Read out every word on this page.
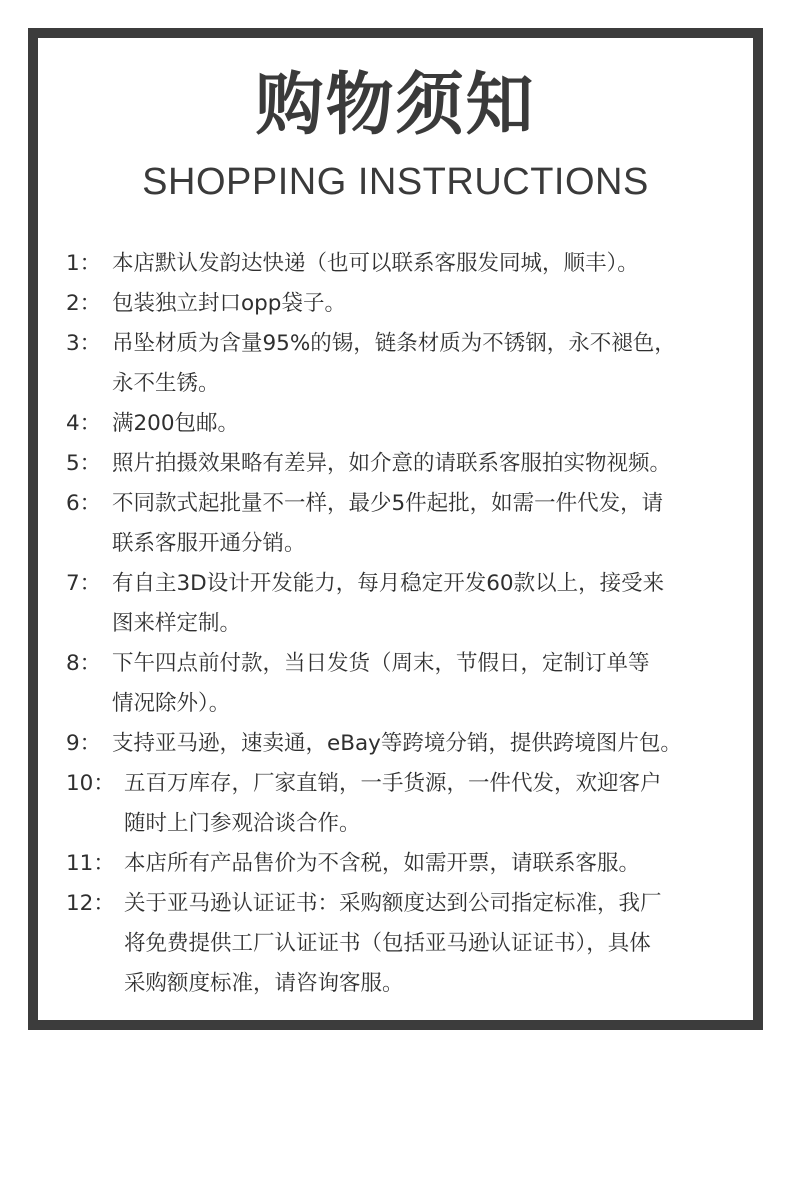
购物须知
SHOPPING INSTRUCTIONS
1： 本店默认发韵达快递（也可以联系客服发同城，顺丰）。
2： 包装独立封口opp袋子。
3： 吊坠材质为含量95%的锡，链条材质为不锈钢，永不褪色，
永不生锈。
4： 满200包邮。
5： 照片拍摄效果略有差异，如介意的请联系客服拍实物视频。
6： 不同款式起批量不一样，最少5件起批，如需一件代发，请
联系客服开通分销。
7： 有自主3D设计开发能力，每月稳定开发60款以上，接受来
图来样定制。
8： 下午四点前付款，当日发货（周末，节假日，定制订单等
情况除外）。
9： 支持亚马逊，速卖通，eBay等跨境分销，提供跨境图片包。
10： 五百万库存，厂家直销，一手货源，一件代发，欢迎客户
随时上门参观洽谈合作。
11： 本店所有产品售价为不含税，如需开票，请联系客服。
12： 关于亚马逊认证证书：采购额度达到公司指定标准，我厂
将免费提供工厂认证证书（包括亚马逊认证证书），具体
采购额度标准，请咨询客服。
